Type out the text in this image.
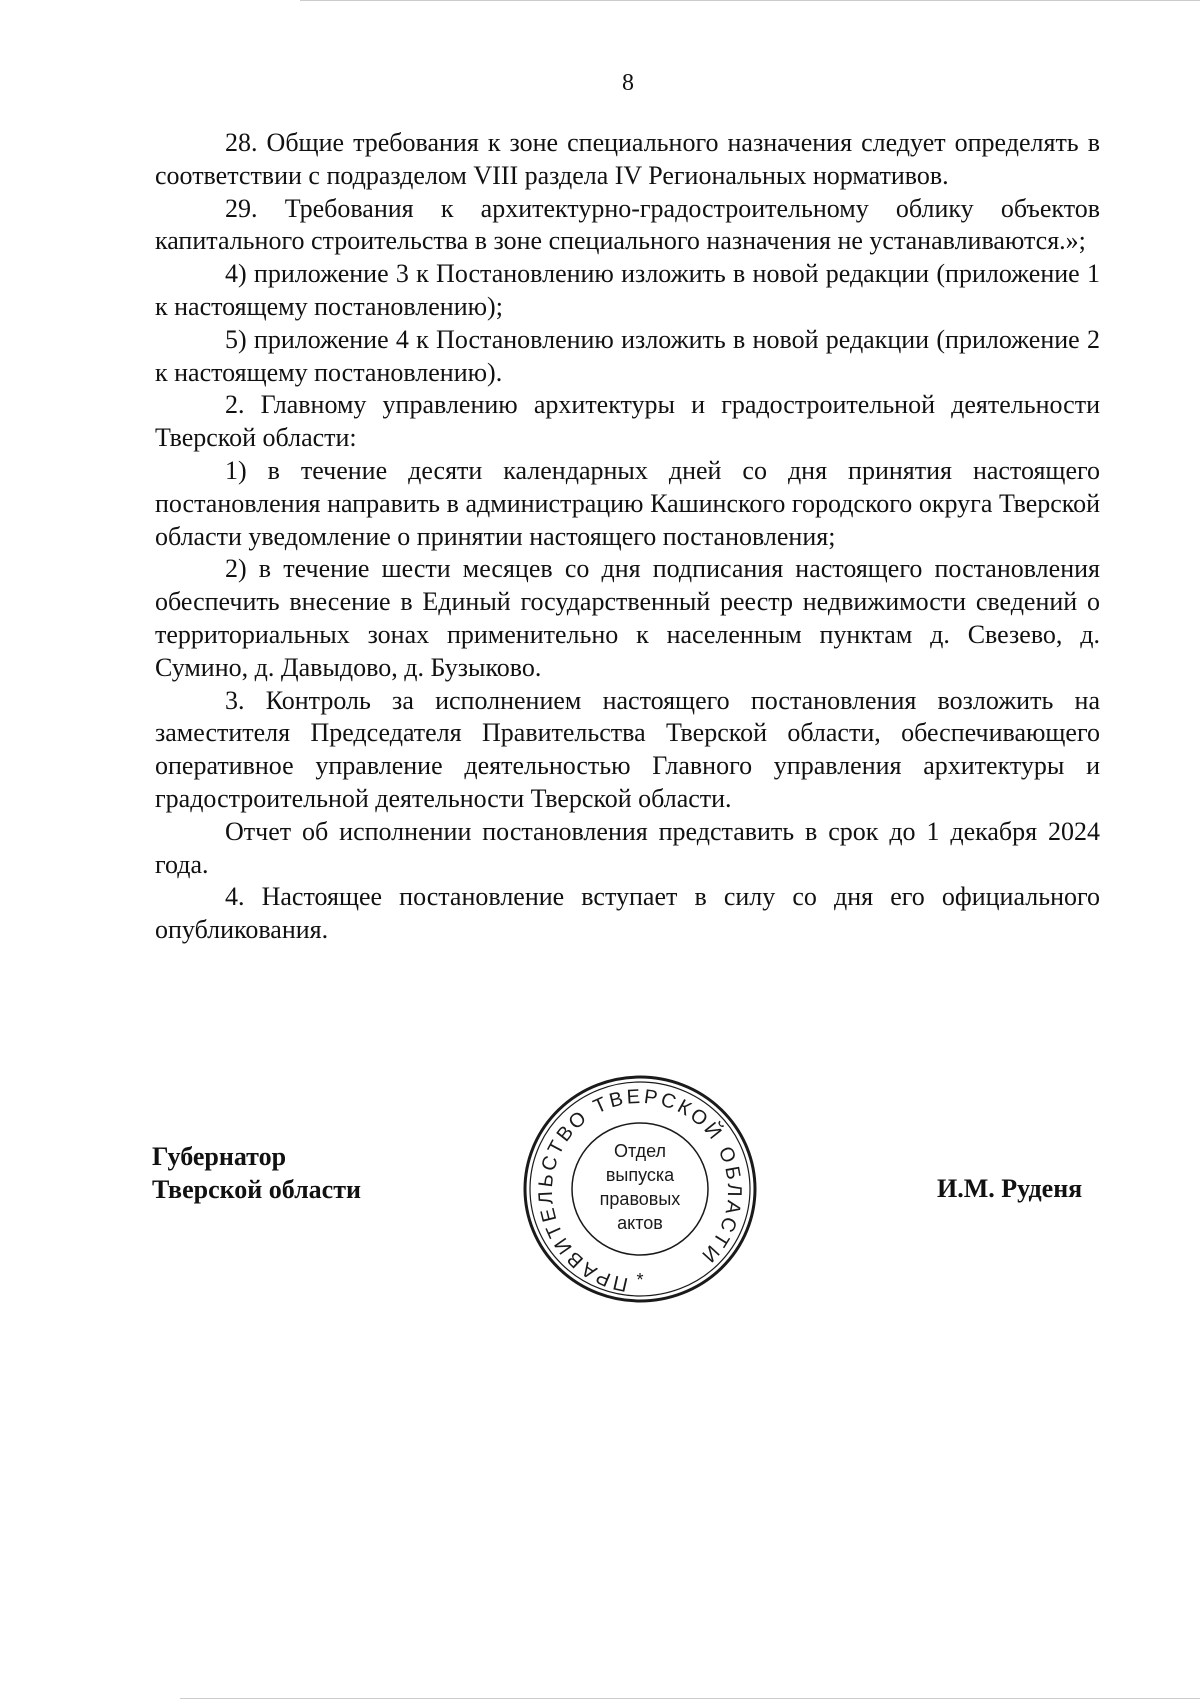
8

28. Общие требования к зоне специального назначения следует определять в соответствии с подразделом VIII раздела IV Региональных нормативов.

29. Требования к архитектурно-градостроительному облику объектов капитального строительства в зоне специального назначения не устанавливаются.»;

4) приложение 3 к Постановлению изложить в новой редакции (приложение 1 к настоящему постановлению);

5) приложение 4 к Постановлению изложить в новой редакции (приложение 2 к настоящему постановлению).

2. Главному управлению архитектуры и градостроительной деятельности Тверской области:

1) в течение десяти календарных дней со дня принятия настоящего постановления направить в администрацию Кашинского городского округа Тверской области уведомление о принятии настоящего постановления;

2) в течение шести месяцев со дня подписания настоящего постановления обеспечить внесение в Единый государственный реестр недвижимости сведений о территориальных зонах применительно к населенным пунктам д. Свезево, д. Сумино, д. Давыдово, д. Бузыково.

3. Контроль за исполнением настоящего постановления возложить на заместителя Председателя Правительства Тверской области, обеспечивающего оперативное управление деятельностью Главного управления архитектуры и градостроительной деятельности Тверской области.

Отчет об исполнении постановления представить в срок до 1 декабря 2024 года.

4. Настоящее постановление вступает в силу со дня его официального опубликования.

Губернатор
Тверской области
ПРАВИТЕЛЬСТВО ТВЕРСКОЙ ОБЛАСТИ
Отдел
выпуска
правовых
актов
*
И.М. Руденя
